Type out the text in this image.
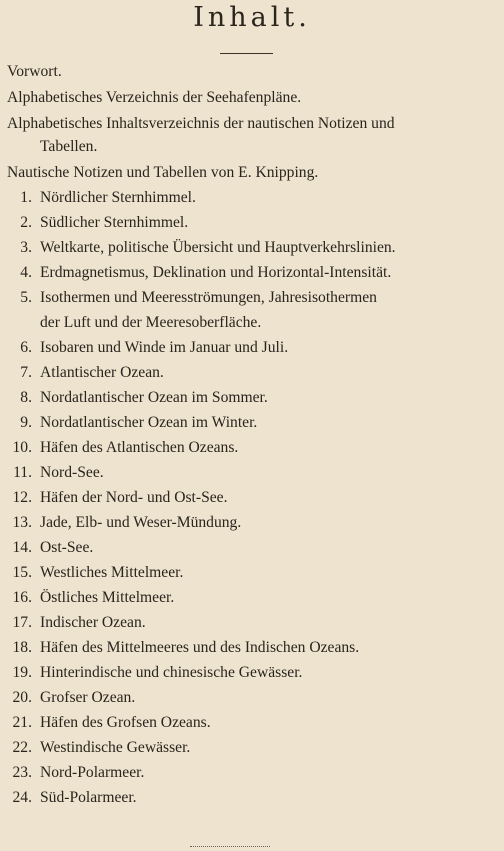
Inhalt.
Vorwort.
Alphabetisches Verzeichnis der Seehafenpläne.
Alphabetisches Inhaltsverzeichnis der nautischen Notizen und
Tabellen.
Nautische Notizen und Tabellen von E. Knipping.
1. Nördlicher Sternhimmel.
2. Südlicher Sternhimmel.
3. Weltkarte, politische Übersicht und Hauptverkehrslinien.
4. Erdmagnetismus, Deklination und Horizontal-Intensität.
5. Isothermen und Meeresströmungen, Jahresisothermen
der Luft und der Meeresoberfläche.
6. Isobaren und Winde im Januar und Juli.
7. Atlantischer Ozean.
8. Nordatlantischer Ozean im Sommer.
9. Nordatlantischer Ozean im Winter.
10. Häfen des Atlantischen Ozeans.
11. Nord-See.
12. Häfen der Nord- und Ost-See.
13. Jade, Elb- und Weser-Mündung.
14. Ost-See.
15. Westliches Mittelmeer.
16. Östliches Mittelmeer.
17. Indischer Ozean.
18. Häfen des Mittelmeeres und des Indischen Ozeans.
19. Hinterindische und chinesische Gewässer.
20. Grofser Ozean.
21. Häfen des Grofsen Ozeans.
22. Westindische Gewässer.
23. Nord-Polarmeer.
24. Süd-Polarmeer.
